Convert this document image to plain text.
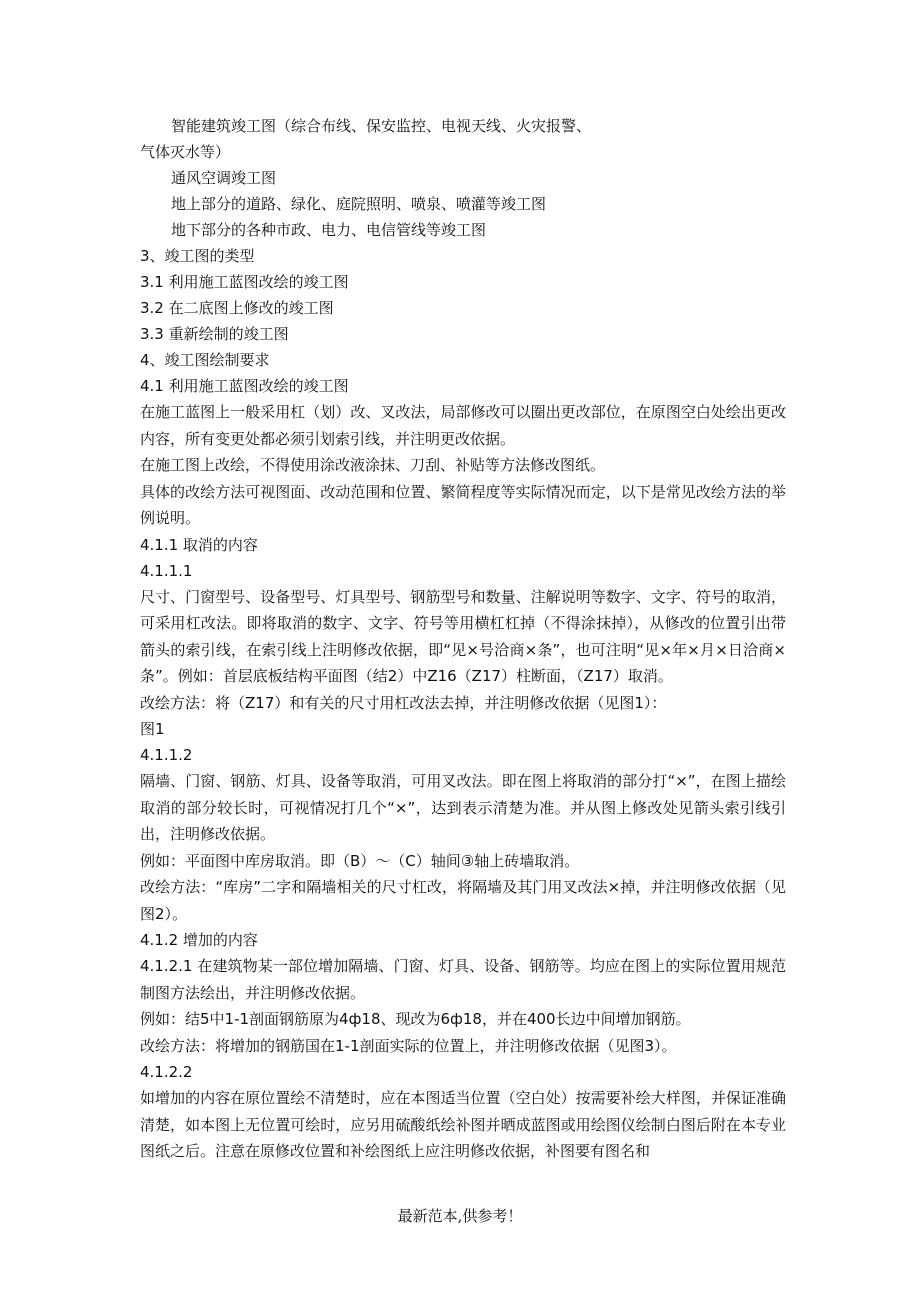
智能建筑竣工图（综合布线、保安监控、电视天线、火灾报警、

气体灭水等）

通风空调竣工图

地上部分的道路、绿化、庭院照明、喷泉、喷灌等竣工图

地下部分的各种市政、电力、电信管线等竣工图

3、竣工图的类型

3.1 利用施工蓝图改绘的竣工图

3.2 在二底图上修改的竣工图

3.3 重新绘制的竣工图

4、竣工图绘制要求

4.1 利用施工蓝图改绘的竣工图

在施工蓝图上一般采用杠（划）改、叉改法，局部修改可以圈出更改部位，在原图空白处绘出更改内容，所有变更处都必须引划索引线，并注明更改依据。

在施工图上改绘，不得使用涂改液涂抹、刀刮、补贴等方法修改图纸。

具体的改绘方法可视图面、改动范围和位置、繁简程度等实际情况而定，以下是常见改绘方法的举例说明。

4.1.1 取消的内容

4.1.1.1

尺寸、门窗型号、设备型号、灯具型号、钢筋型号和数量、注解说明等数字、文字、符号的取消，可采用杠改法。即将取消的数字、文字、符号等用横杠杠掉（不得涂抹掉），从修改的位置引出带箭头的索引线，在索引线上注明修改依据，即“见×号洽商×条”，也可注明“见×年×月×日洽商×条”。例如：首层底板结构平面图（结2）中Z16（Z17）柱断面，（Z17）取消。

改绘方法：将（Z17）和有关的尺寸用杠改法去掉，并注明修改依据（见图1）：

图1

4.1.1.2

隔墙、门窗、钢筋、灯具、设备等取消，可用叉改法。即在图上将取消的部分打“×”，在图上描绘取消的部分较长时，可视情况打几个“×”，达到表示清楚为准。并从图上修改处见箭头索引线引出，注明修改依据。

例如：平面图中库房取消。即（B）～（C）轴间③轴上砖墙取消。

改绘方法：“库房”二字和隔墙相关的尺寸杠改，将隔墙及其门用叉改法×掉，并注明修改依据（见图2）。

4.1.2 增加的内容

4.1.2.1 在建筑物某一部位增加隔墙、门窗、灯具、设备、钢筋等。均应在图上的实际位置用规范制图方法绘出，并注明修改依据。

例如：结5中1-1剖面钢筋原为4ф18、现改为6ф18，并在400长边中间增加钢筋。

改绘方法：将增加的钢筋国在1-1剖面实际的位置上，并注明修改依据（见图3）。

4.1.2.2

如增加的内容在原位置绘不清楚时，应在本图适当位置（空白处）按需要补绘大样图，并保证准确清楚，如本图上无位置可绘时，应另用硫酸纸绘补图并晒成蓝图或用绘图仪绘制白图后附在本专业图纸之后。注意在原修改位置和补绘图纸上应注明修改依据，补图要有图名和

最新范本,供参考！
